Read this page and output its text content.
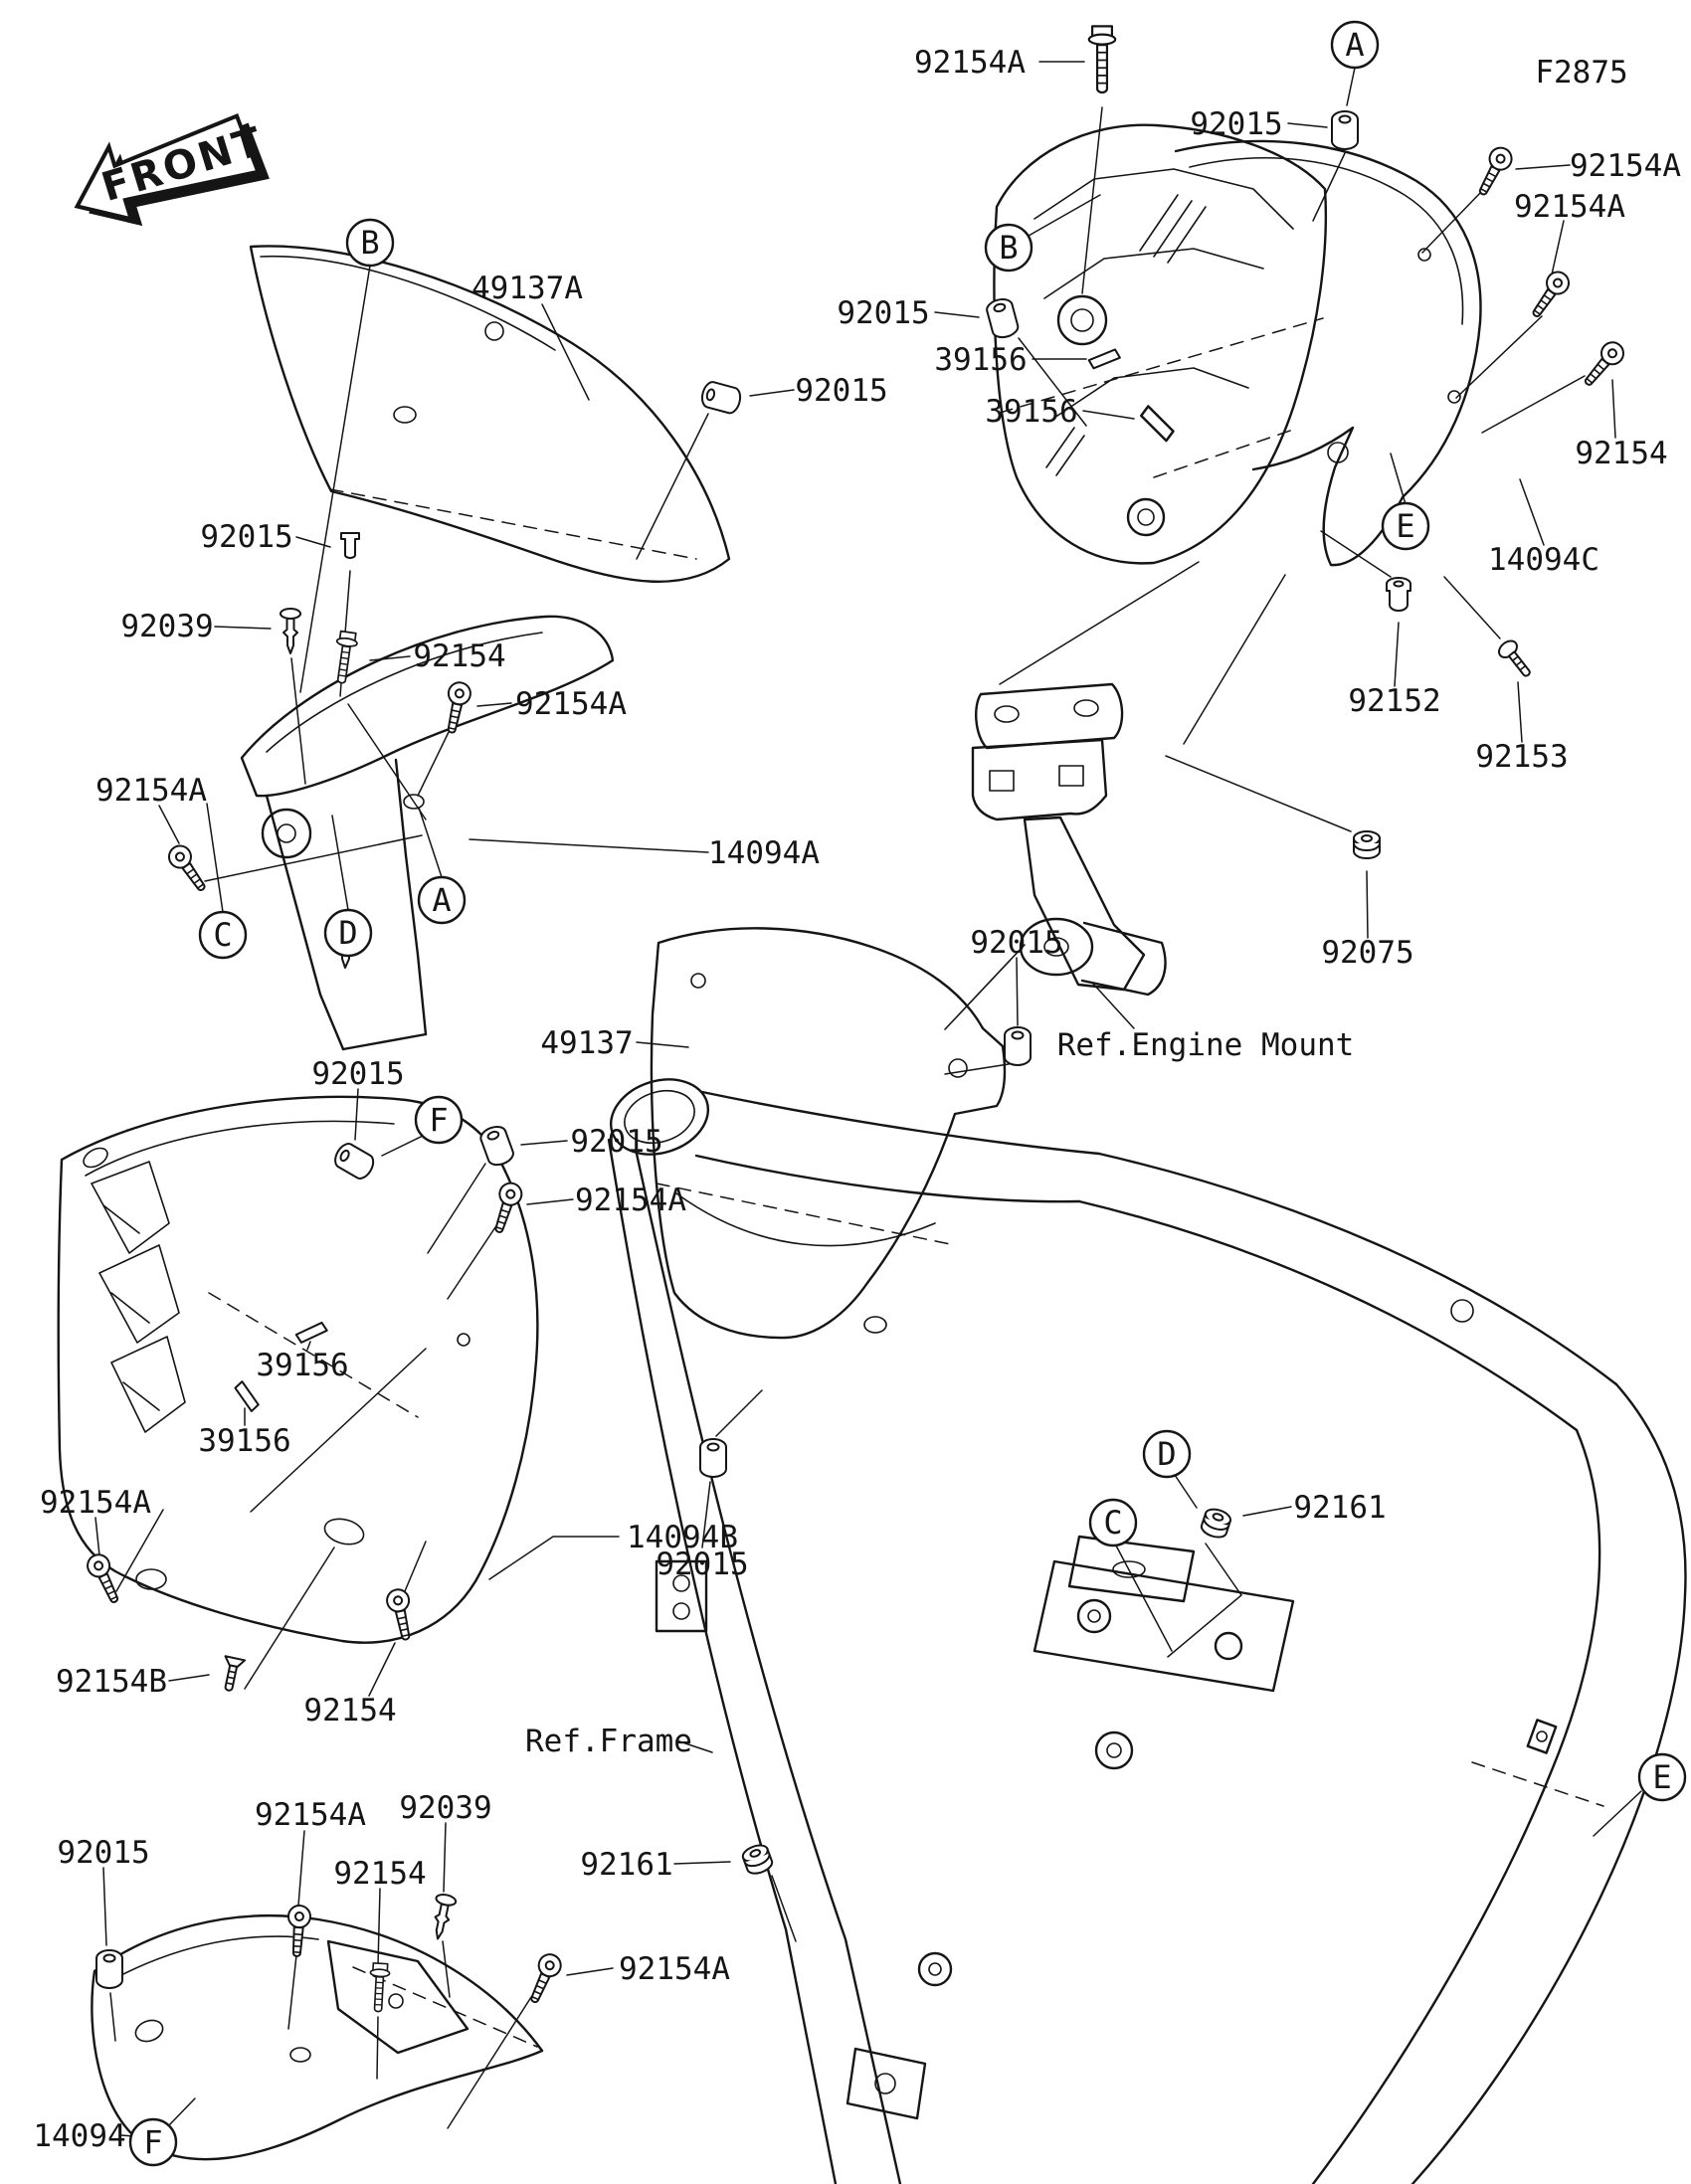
FRONT
A
B	B
E
C	D
A
F
D
C
E
F
92154A
92015
F2875
92154A
92154A
49137A
92015
39156
39156
92015
92154
14094C
92152
92153
92075
92015
92039
92154
92154A
92154A
14094A
92015
Ref.Engine Mount
49137
92015
92015
92154A
39156
39156
14094B
92015
92154A
92154B
92154
Ref.Frame
92161
92161
92015
92154A 92039
92154
92154A
14094
